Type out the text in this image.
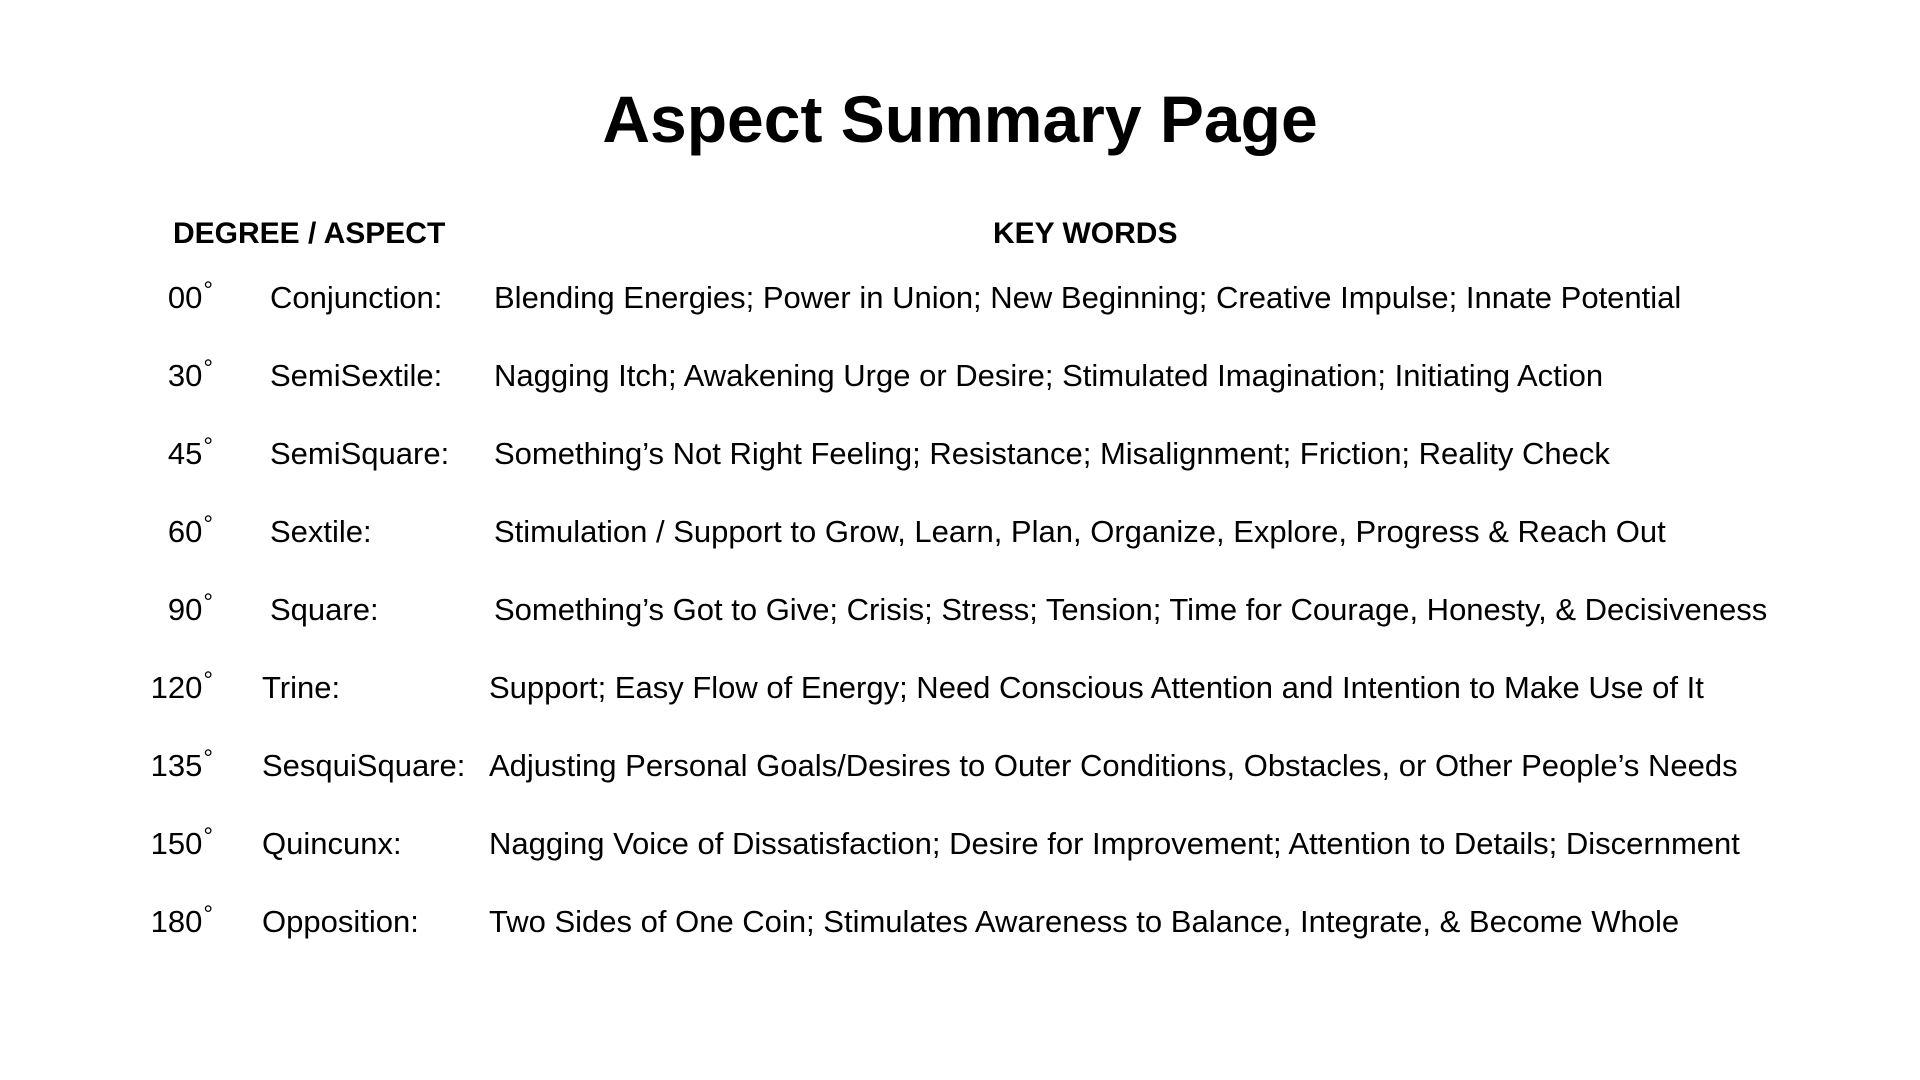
Aspect Summary Page
DEGREE / ASPECT	KEY WORDS
00° Conjunction: Blending Energies; Power in Union; New Beginning; Creative Impulse; Innate Potential
30° SemiSextile: Nagging Itch; Awakening Urge or Desire; Stimulated Imagination; Initiating Action
45° SemiSquare: Something’s Not Right Feeling; Resistance; Misalignment; Friction; Reality Check
60° Sextile:	Stimulation / Support to Grow, Learn, Plan, Organize, Explore, Progress & Reach Out
90° Square:	Something’s Got to Give; Crisis; Stress; Tension; Time for Courage, Honesty, & Decisiveness
120° Trine:	Support; Easy Flow of Energy; Need Conscious Attention and Intention to Make Use of It
135° SesquiSquare: Adjusting Personal Goals/Desires to Outer Conditions, Obstacles, or Other People’s Needs
150° Quincunx:	Nagging Voice of Dissatisfaction; Desire for Improvement; Attention to Details; Discernment
180° Opposition: Two Sides of One Coin; Stimulates Awareness to Balance, Integrate, & Become Whole
